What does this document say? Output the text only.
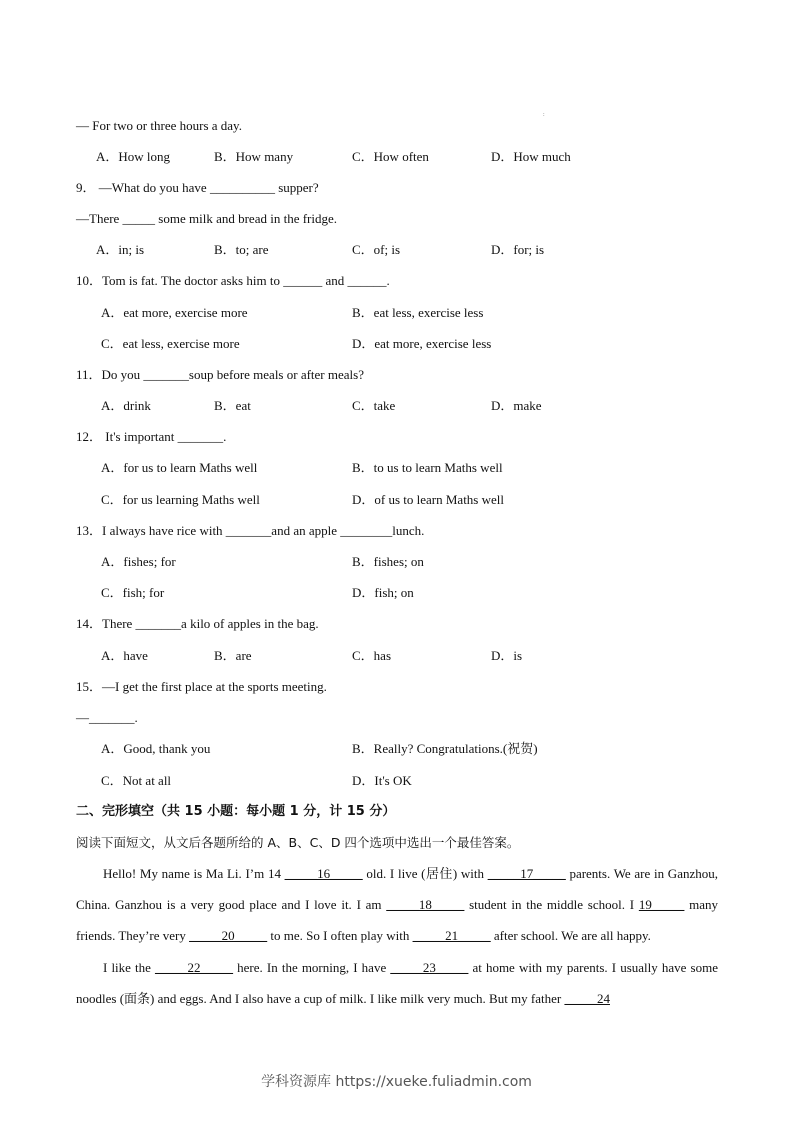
:
— For two or three hours a day.
A．How long	B．How many	C．How often	D．How much
9． —What do you have __________ supper?
—There _____ some milk and bread in the fridge.
A．in; is	B．to; are	C．of; is	D．for; is
10．Tom is fat. The doctor asks him to ______ and ______.
A．eat more, exercise more	B．eat less, exercise less
C．eat less, exercise more	D．eat more, exercise less
11．Do you _______soup before meals or after meals?
A．drink	B．eat	C．take	D．make
12． It's important _______.
A．for us to learn Maths well	B．to us to learn Maths well
C．for us learning Maths well	D．of us to learn Maths well
13．I always have rice with _______and an apple ________lunch.
A．fishes; for	B．fishes; on
C．fish; for	D．fish; on
14．There _______a kilo of apples in the bag.
A．have	B．are	C．has	D．is
15．—I get the first place at the sports meeting.
—_______.
A．Good, thank you	B．Really? Congratulations.(祝贺)
C．Not at all	D．It's OK
二、完形填空（共 15 小题：每小题 1 分，计 15 分）
阅读下面短文，从文后各题所给的 A、B、C、D 四个选项中选出一个最佳答案。

Hello! My name is Ma Li. I’m 14 _____16_____ old. I live (居住) with _____17_____ parents. We are in Ganzhou, China. Ganzhou is a very good place and I love it. I am _____18_____ student in the middle school. I 19_____ many friends. They’re very _____20_____ to me. So I often play with _____21_____ after school. We are all happy.

I like the _____22_____ here. In the morning, I have _____23_____ at home with my parents. I usually have some noodles (面条) and eggs. And I also have a cup of milk. I like milk very much. But my father _____24

学科资源库 https://xueke.fuliadmin.com
